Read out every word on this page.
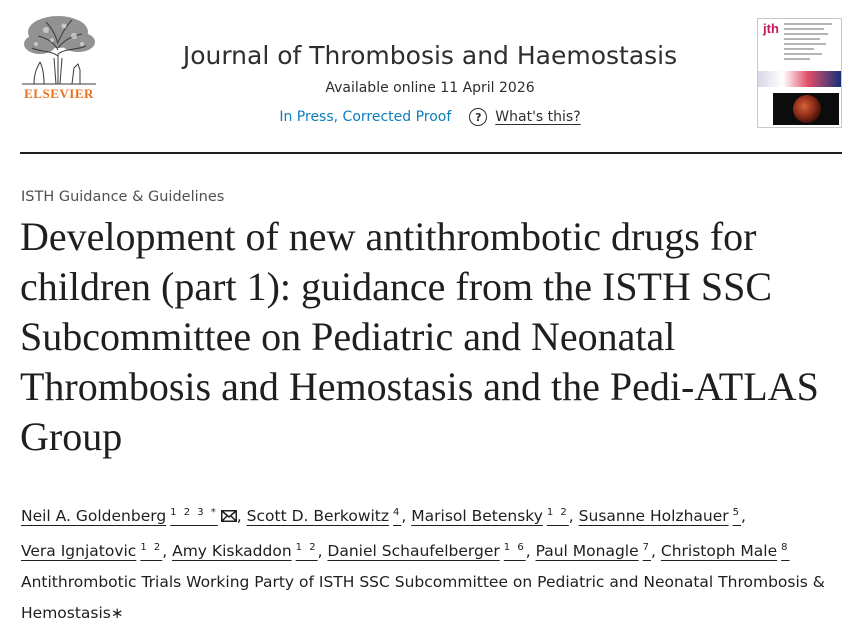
ELSEVIER
Journal of Thrombosis and Haemostasis
Available online 11 April 2026
In Press, Corrected Proof	? What's this?
jth
ISTH Guidance & Guidelines
Development of new antithrombotic drugs for children (part 1): guidance from the ISTH SSC Subcommittee on Pediatric and Neonatal Thrombosis and Hemostasis and the Pedi-ATLAS Group
Neil A. Goldenberg $^{1 2 3 *}$ , Scott D. Berkowitz $^4$, Marisol Betensky $^{1 2}$, Susanne Holzhauer $^5$, Vera Ignjatovic $^{1 2}$, Amy Kiskaddon $^{1 2}$, Daniel Schaufelberger $^{1 6}$, Paul Monagle $^7$, Christoph Male $^8$
Antithrombotic Trials Working Party of ISTH SSC Subcommittee on Pediatric and Neonatal Thrombosis & Hemostasis∗
